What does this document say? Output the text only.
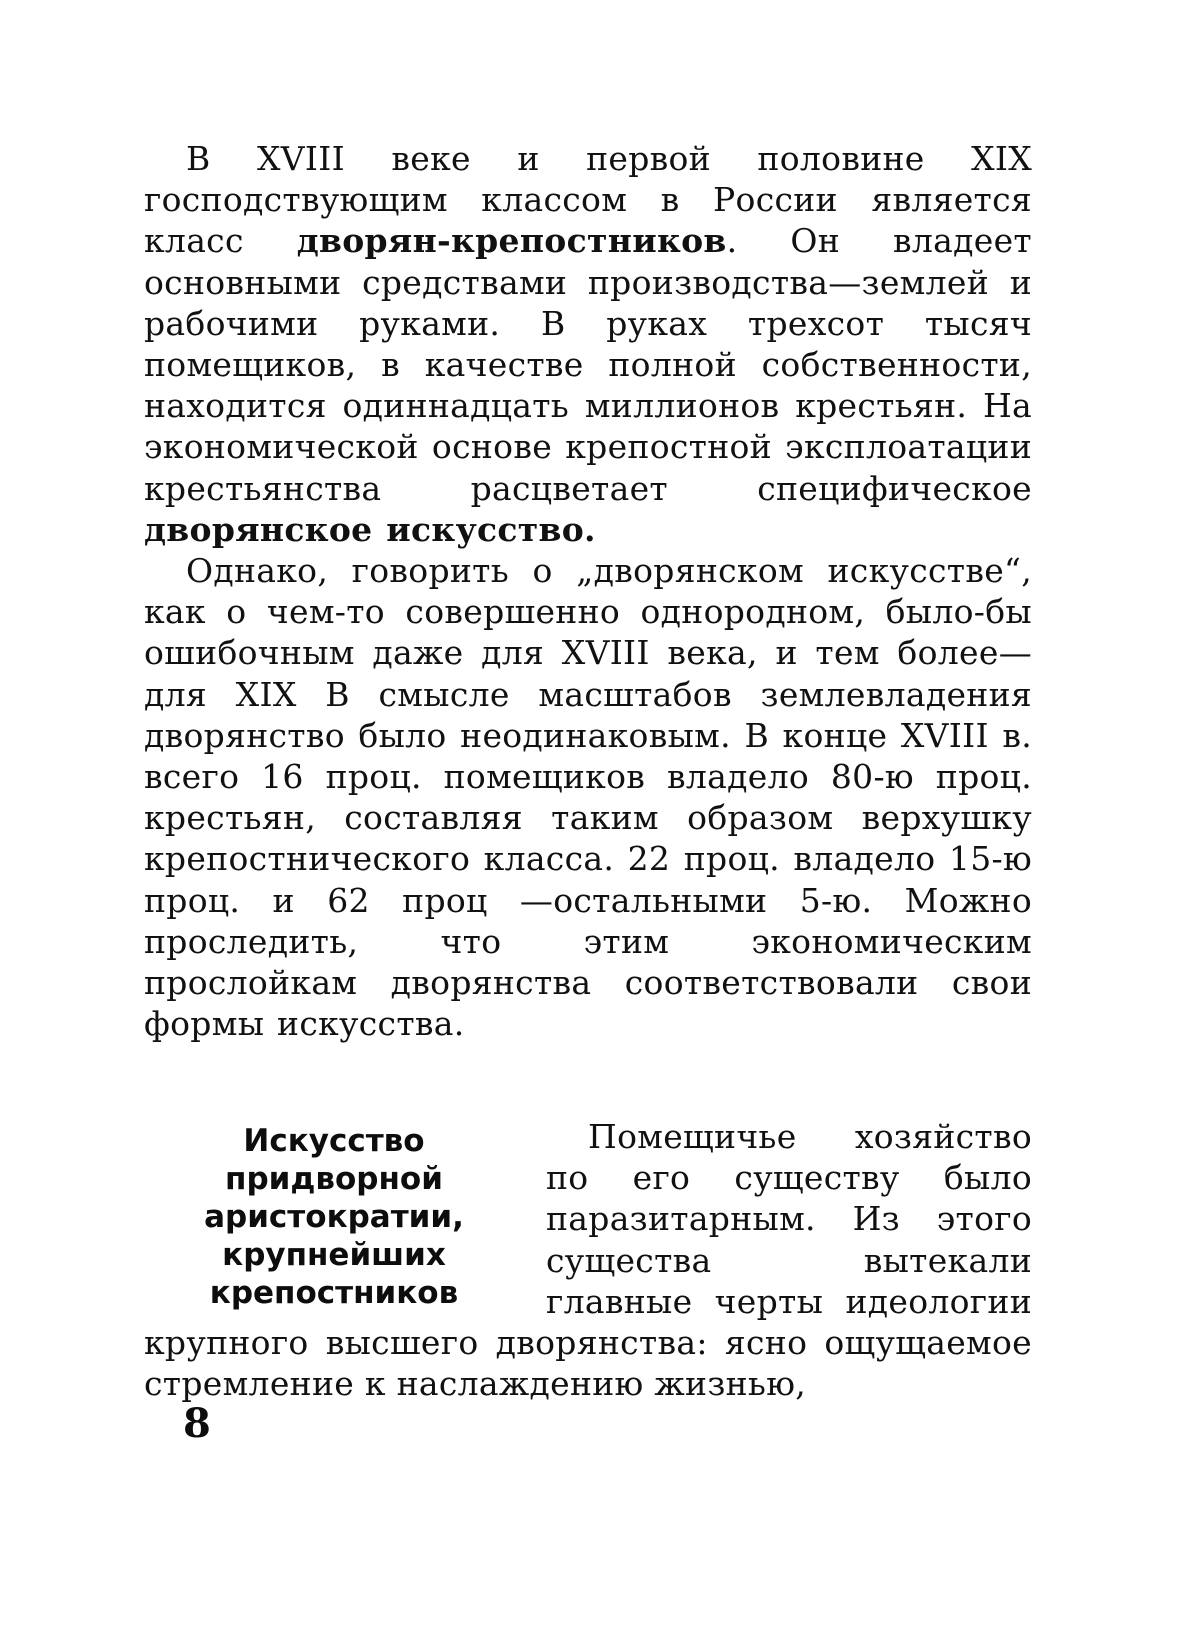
В XVIII веке и первой половине XIX господствующим классом в России является класс дворян-крепостников. Он владеет основными средствами производства—землей и рабочими руками. В руках трехсот тысяч помещиков, в качестве полной собственности, находится одиннадцать миллионов крестьян. На экономической основе крепостной эксплоатации крестьянства расцветает специфическое дворянское искусство.

Однако, говорить о „дворянском искусстве“, как о чем-то совершенно однородном, было-бы ошибочным даже для XVIII века, и тем более—для XIX В смысле масштабов землевладения дворянство было неодинаковым. В конце XVIII в. всего 16 проц. помещиков владело 80-ю проц. крестьян, составляя таким образом верхушку крепостнического класса. 22 проц. владело 15-ю проц. и 62 проц —остальными 5-ю. Можно проследить, что этим экономическим прослойкам дворянства соответствовали свои формы искусства.

Искусство придворной аристократии, крупнейших крепостников

Помещичье хозяйство по его существу было паразитарным. Из этого существа вытекали главные черты идеологии крупного высшего дворянства: ясно ощущаемое стремление к наслаждению жизнью,

8
